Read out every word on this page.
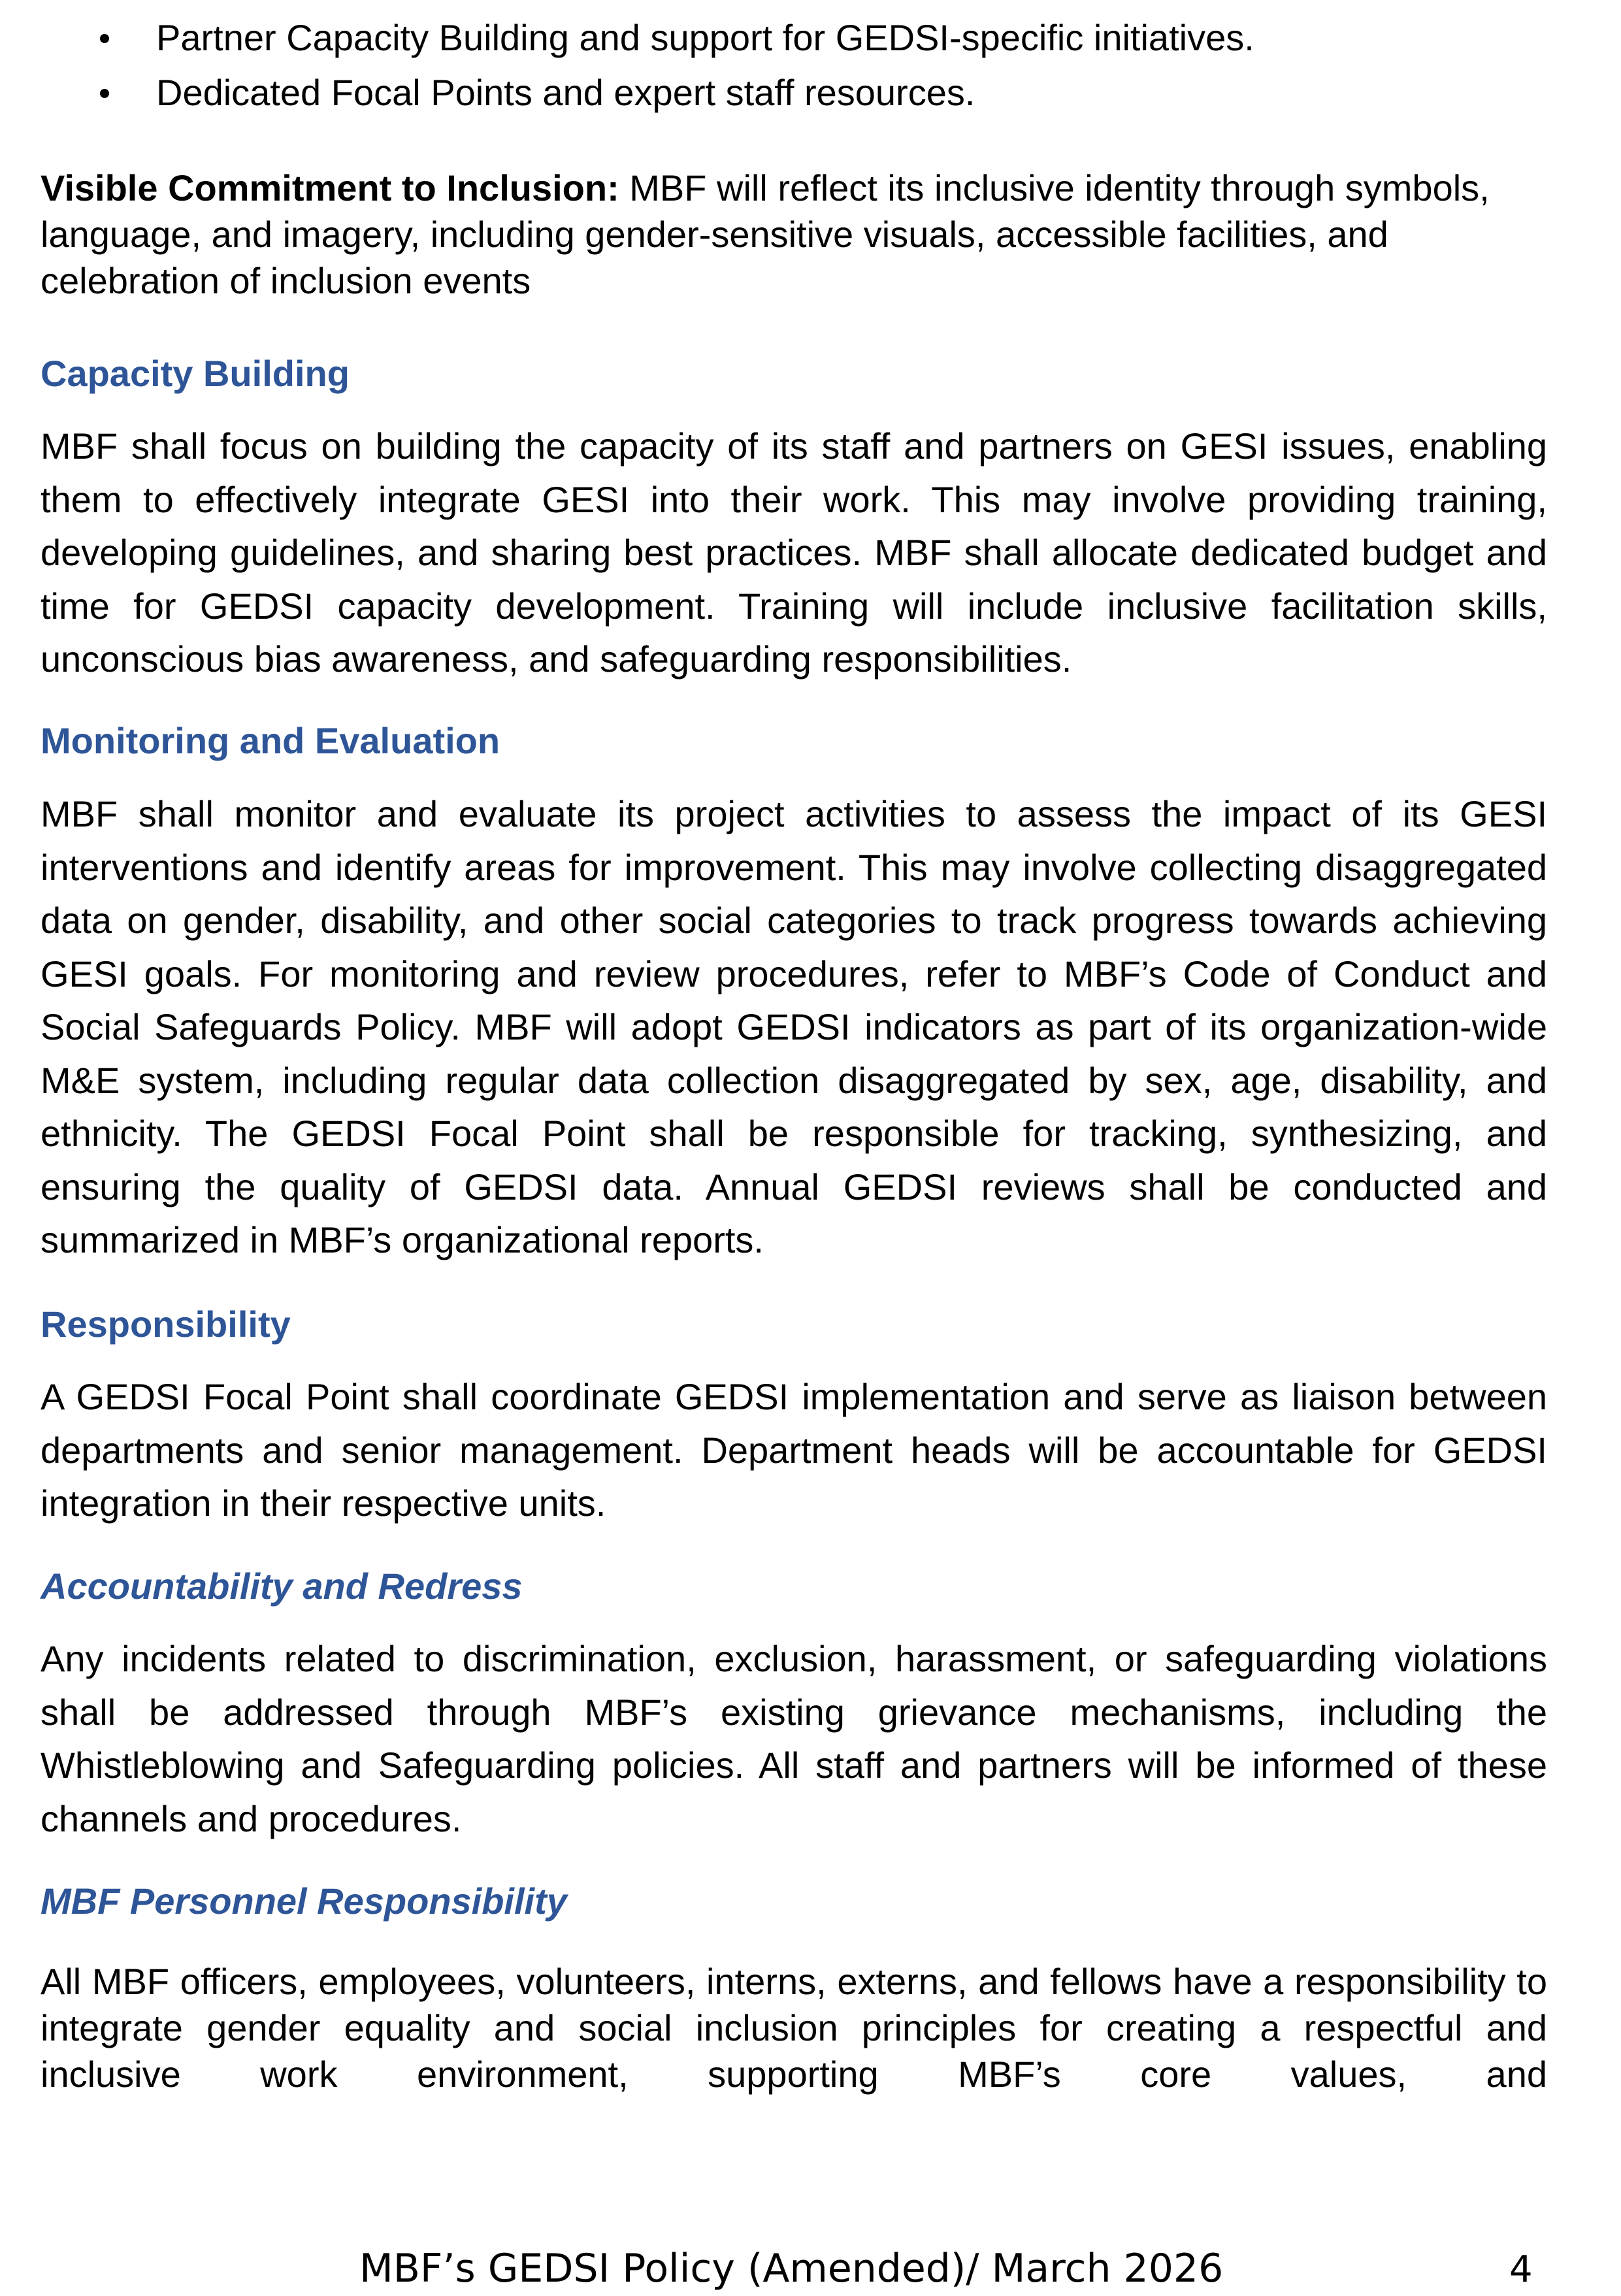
Partner Capacity Building and support for GEDSI-specific initiatives.
Dedicated Focal Points and expert staff resources.

Visible Commitment to Inclusion: MBF will reflect its inclusive identity through symbols, language, and imagery, including gender-sensitive visuals, accessible facilities, and celebration of inclusion events

Capacity Building

MBF shall focus on building the capacity of its staff and partners on GESI issues, enabling them to effectively integrate GESI into their work. This may involve providing training, developing guidelines, and sharing best practices. MBF shall allocate dedicated budget and time for GEDSI capacity development. Training will include inclusive facilitation skills, unconscious bias awareness, and safeguarding responsibilities.

Monitoring and Evaluation

MBF shall monitor and evaluate its project activities to assess the impact of its GESI interventions and identify areas for improvement. This may involve collecting disaggregated data on gender, disability, and other social categories to track progress towards achieving GESI goals. For monitoring and review procedures, refer to MBF’s Code of Conduct and Social Safeguards Policy. MBF will adopt GEDSI indicators as part of its organization-wide M&E system, including regular data collection disaggregated by sex, age, disability, and ethnicity. The GEDSI Focal Point shall be responsible for tracking, synthesizing, and ensuring the quality of GEDSI data. Annual GEDSI reviews shall be conducted and summarized in MBF’s organizational reports.

Responsibility

A GEDSI Focal Point shall coordinate GEDSI implementation and serve as liaison between departments and senior management. Department heads will be accountable for GEDSI integration in their respective units.

Accountability and Redress

Any incidents related to discrimination, exclusion, harassment, or safeguarding violations shall be addressed through MBF’s existing grievance mechanisms, including the Whistleblowing and Safeguarding policies. All staff and partners will be informed of these channels and procedures.

MBF Personnel Responsibility

All MBF officers, employees, volunteers, interns, externs, and fellows have a responsibility to integrate gender equality and social inclusion principles for creating a respectful and inclusive work environment, supporting MBF’s core values, and

MBF’s GEDSI Policy (Amended)/ March 2026	4
